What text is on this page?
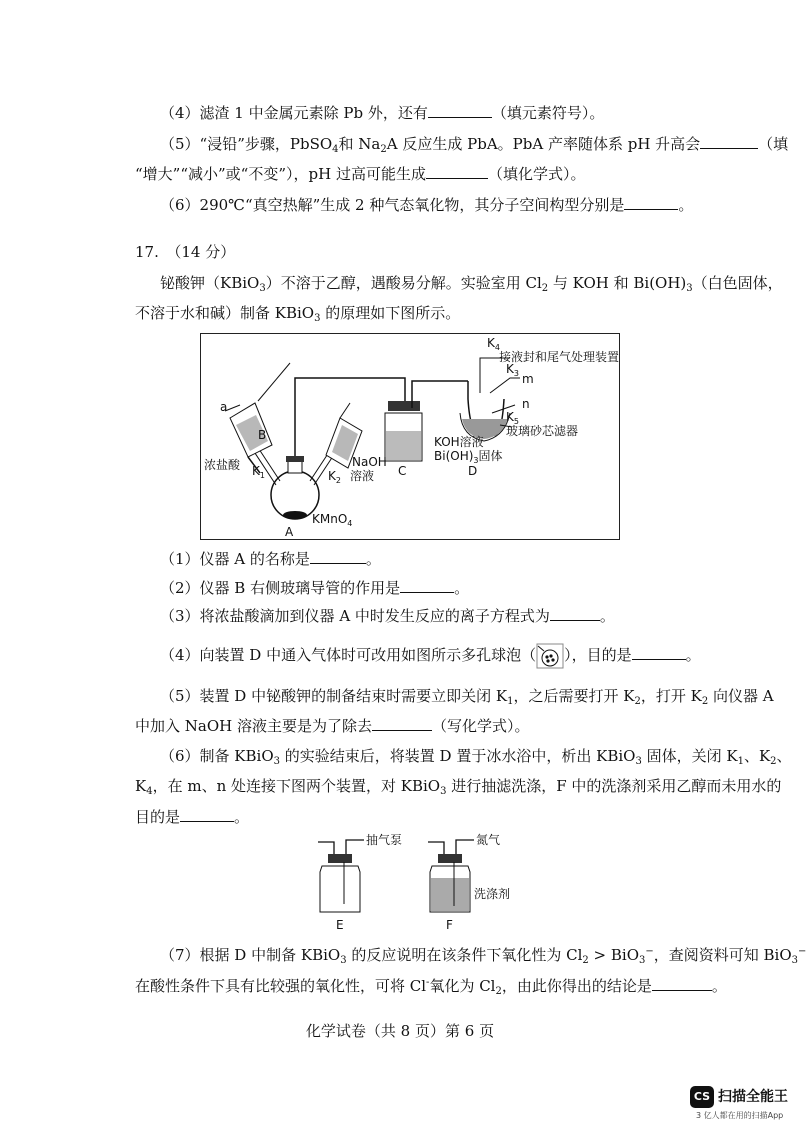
（4）滤渣 1 中金属元素除 Pb 外，还有	（填元素符号）。
（5）“浸铅”步骤，PbSO$_4$和 $Na_2A$ 反应生成 PbA。PbA 产率随体系 pH 升高会	（填
“增大”“减小”或“不变”），pH 过高可能生成	（填化学式）。
（6）290℃“真空热解”生成 2 种气态氧化物，其分子空间构型分别是	。
17.　（14 分）
铋酸钾（KBiO$_3$）不溶于乙醇，遇酸易分解。实验室用 $Cl_2$ 与 KOH 和 $Bi(OH)_3$（白色固体，
不溶于水和碱）制备 KBiO$_3$ 的原理如下图所示。
a
B
浓盐酸 $K_1$
NaOH
$K_2$ 溶液
A
KMnO$_4$
C
$K_4$
接液封和尾气处理装置
$K_3$ m
n
$K_5$
玻璃砂芯滤器
KOH溶液
$Bi(OH)_3$固体
D
（1）仪器 A 的名称是	。
（2）仪器 B 右侧玻璃导管的作用是	。
（3）将浓盐酸滴加到仪器 A 中时发生反应的离子方程式为	。
（4）向装置 D 中通入气体时可改用如图所示多孔球泡（ ），目的是	。
（5）装置 D 中铋酸钾的制备结束时需要立即关闭 $K_1$，之后需要打开 $K_2$，打开 $K_2$ 向仪器 A
中加入 NaOH 溶液主要是为了除去	（写化学式）。
（6）制备 KBiO$_3$ 的实验结束后，将装置 D 置于冰水浴中，析出 KBiO$_3$ 固体，关闭 $K_1$、$K_2$、
$K_4$，在 m、n 处连接下图两个装置，对 KBiO$_3$ 进行抽滤洗涤，F 中的洗涤剂采用乙醇而未用水的
目的是	。
抽气泵	氮气
洗涤剂
E	F
（7）根据 D 中制备 KBiO$_3$ 的反应说明在该条件下氧化性为 $Cl_2 > BiO_3^-$，查阅资料可知 BiO$_3$−
在酸性条件下具有比较强的氧化性，可将 Cl-氧化为 $Cl_2$，由此你得出的结论是	。
化学试卷（共 8 页）第 6 页
CS 扫描全能王
3 亿人都在用的扫描App
